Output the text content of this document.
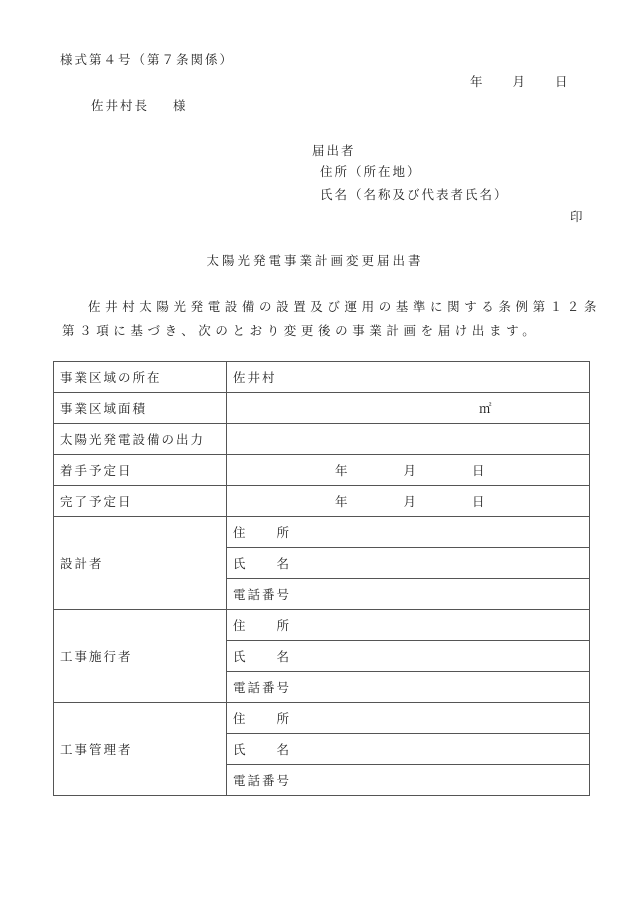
様式第４号（第７条関係）
年 月 日
佐井村長 様
届出者
住所（所在地）
氏名（名称及び代表者氏名）
印
太陽光発電事業計画変更届出書
佐井村太陽光発電設備の設置及び運用の基準に関する条例第１２条第３項に基づき、次のとおり変更後の事業計画を届け出ます。
事業区域の所在	佐井村
事業区域面積	㎡
太陽光発電設備の出力	
着手予定日	年 月 日
完了予定日	年 月 日
設計者	住　　所
	氏　　名
	電話番号
工事施行者	住　　所
	氏　　名
	電話番号
工事管理者	住　　所
	氏　　名
	電話番号
